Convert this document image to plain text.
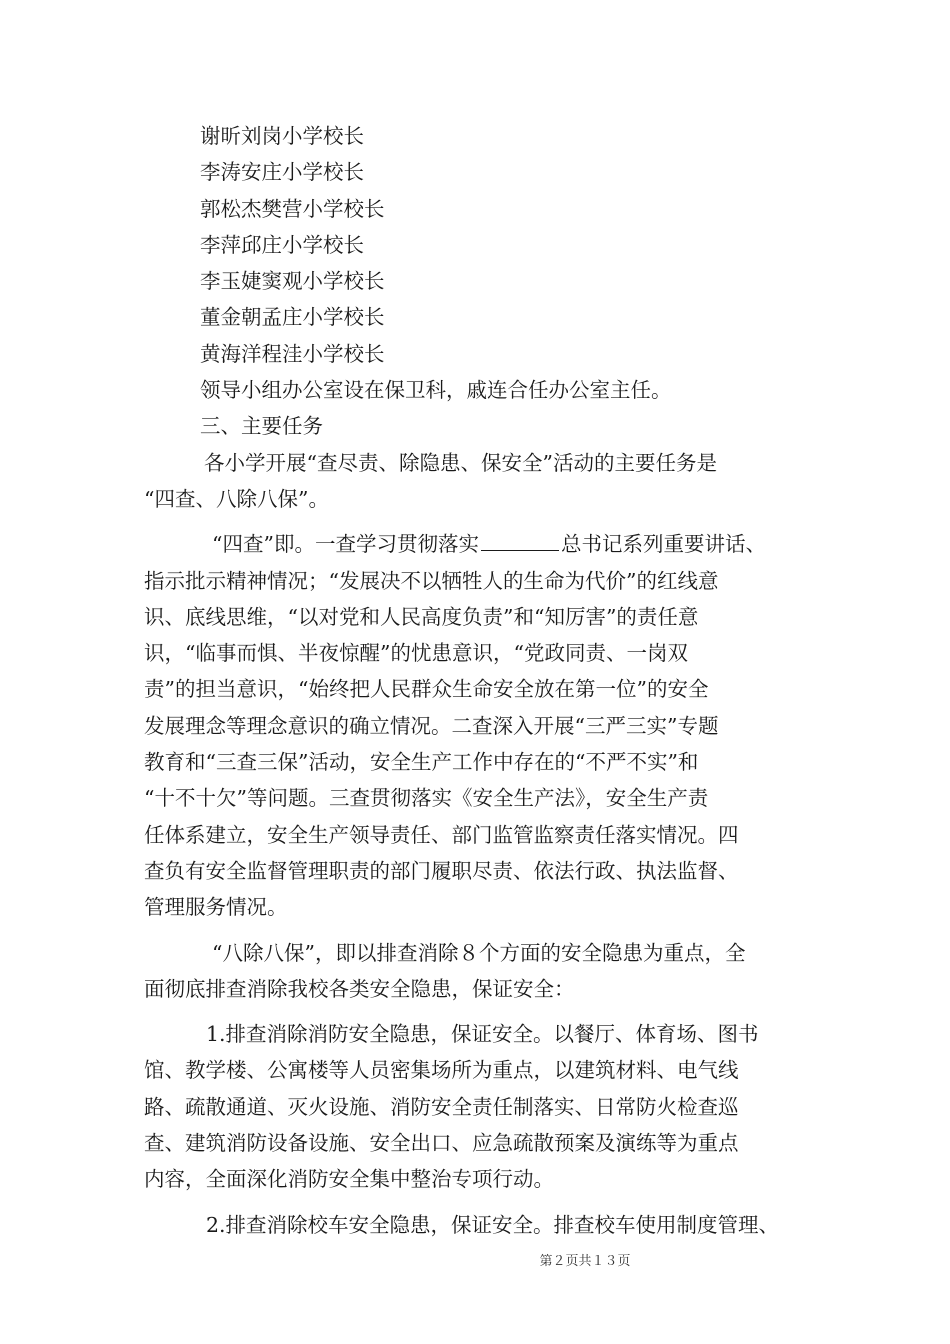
谢昕刘岗小学校长
李涛安庄小学校长
郭松杰樊营小学校长
李萍邱庄小学校长
李玉婕窦观小学校长
董金朝孟庄小学校长
黄海洋程洼小学校长
领导小组办公室设在保卫科，戚连合任办公室主任。
三、主要任务
各小学开展“查尽责、除隐患、保安全”活动的主要任务是
“四查、八除八保”。
“四查”即。一查学习贯彻落实	总书记系列重要讲话、
指示批示精神情况；“发展决不以牺牲人的生命为代价”的红线意
识、底线思维，“以对党和人民高度负责”和“知厉害”的责任意
识，“临事而惧、半夜惊醒”的忧患意识，“党政同责、一岗双
责”的担当意识，“始终把人民群众生命安全放在第一位”的安全
发展理念等理念意识的确立情况。二查深入开展“三严三实”专题
教育和“三查三保”活动，安全生产工作中存在的“不严不实”和
“十不十欠”等问题。三查贯彻落实《安全生产法》，安全生产责
任体系建立，安全生产领导责任、部门监管监察责任落实情况。四
查负有安全监督管理职责的部门履职尽责、依法行政、执法监督、
管理服务情况。
“八除八保”，即以排查消除８个方面的安全隐患为重点，全
面彻底排查消除我校各类安全隐患，保证安全：
1.排查消除消防安全隐患，保证安全。以餐厅、体育场、图书
馆、教学楼、公寓楼等人员密集场所为重点，以建筑材料、电气线
路、疏散通道、灭火设施、消防安全责任制落实、日常防火检查巡
查、建筑消防设备设施、安全出口、应急疏散预案及演练等为重点
内容，全面深化消防安全集中整治专项行动。
2.排查消除校车安全隐患，保证安全。排查校车使用制度管理、
第２页共１３页
